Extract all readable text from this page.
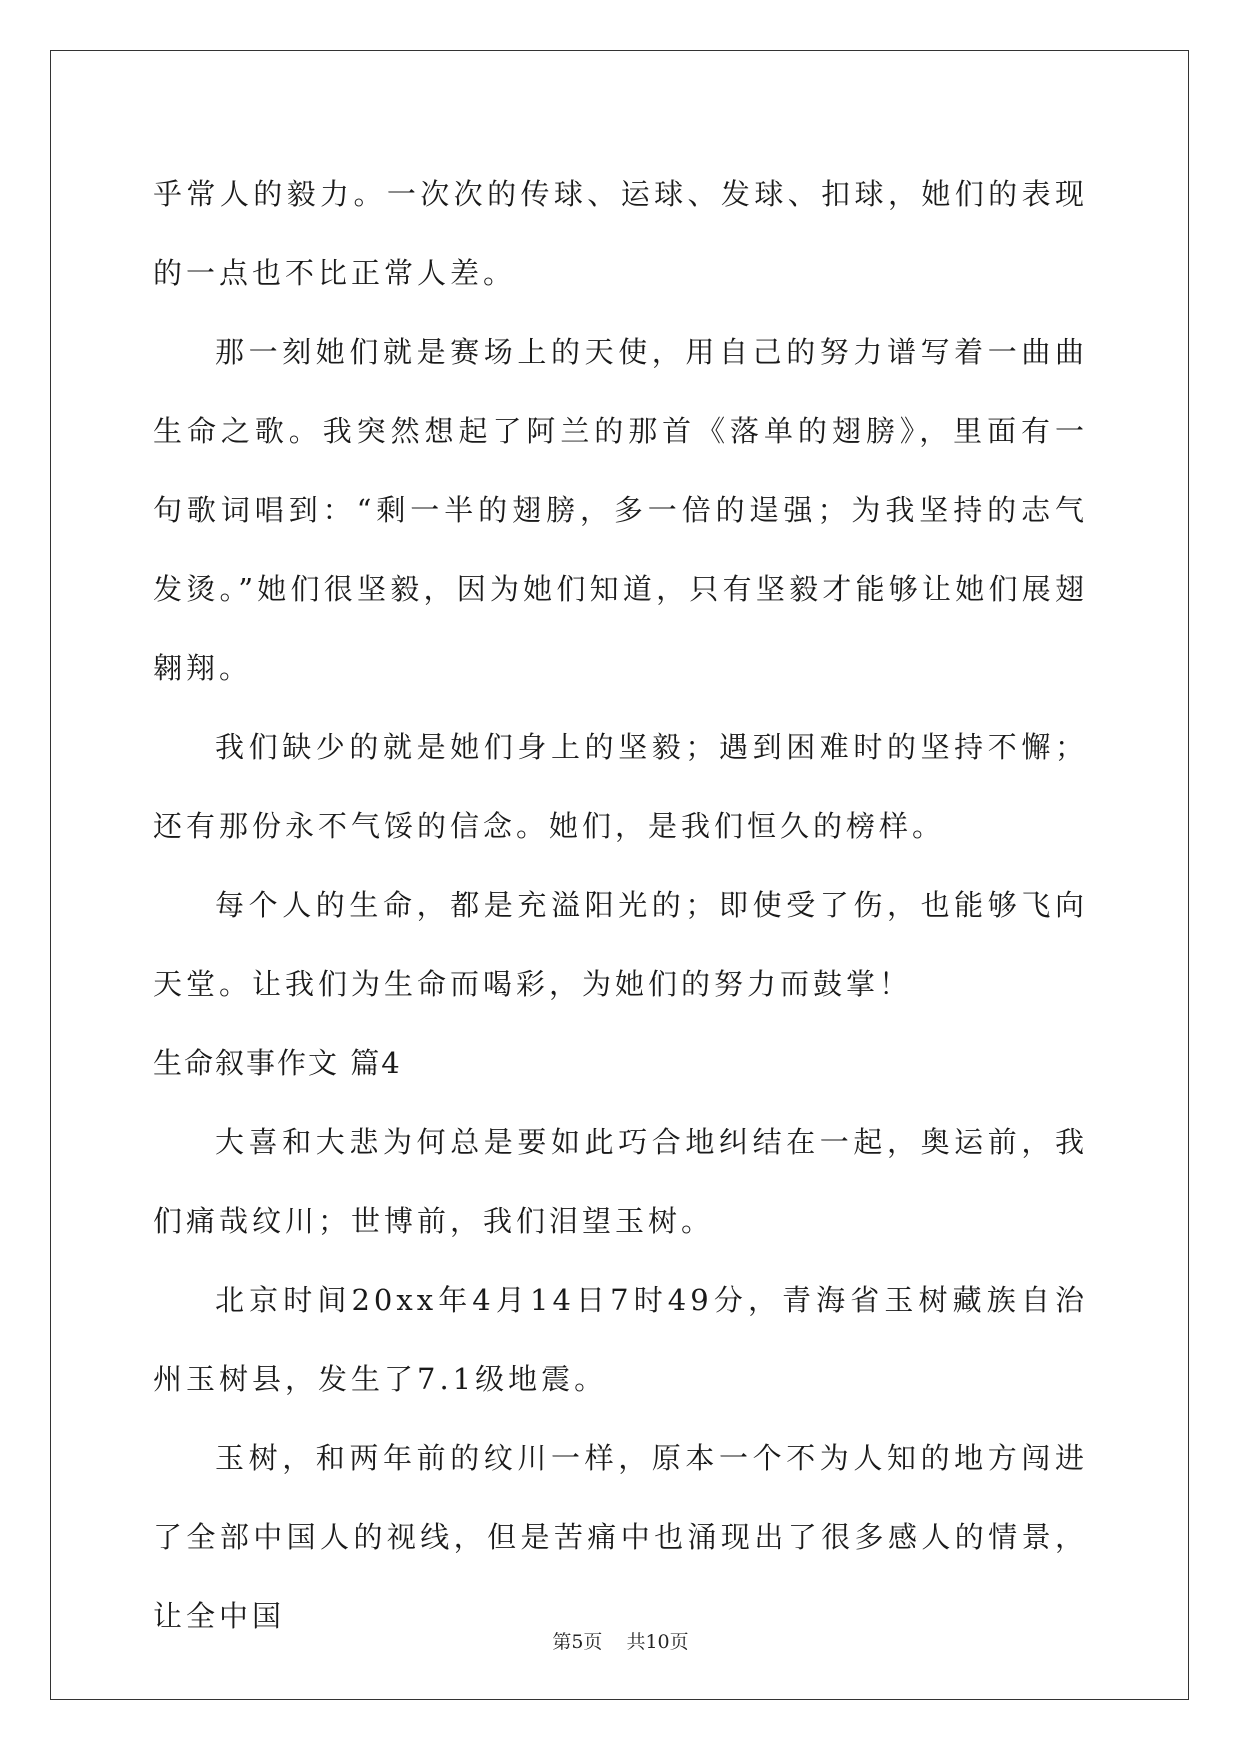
乎常人的毅力。一次次的传球、运球、发球、扣球，她们的表现的一点也不比正常人差。

那一刻她们就是赛场上的天使，用自己的努力谱写着一曲曲生命之歌。我突然想起了阿兰的那首《落单的翅膀》，里面有一句歌词唱到：“剩一半的翅膀，多一倍的逞强；为我坚持的志气发烫。”她们很坚毅，因为她们知道，只有坚毅才能够让她们展翅翱翔。

我们缺少的就是她们身上的坚毅；遇到困难时的坚持不懈；还有那份永不气馁的信念。她们，是我们恒久的榜样。

每个人的生命，都是充溢阳光的；即使受了伤，也能够飞向天堂。让我们为生命而喝彩，为她们的努力而鼓掌！

生命叙事作文 篇4

大喜和大悲为何总是要如此巧合地纠结在一起，奥运前，我们痛哉纹川；世博前，我们泪望玉树。

北京时间20xx年4月14日7时49分，青海省玉树藏族自治州玉树县，发生了7.1级地震。

玉树，和两年前的纹川一样，原本一个不为人知的地方闯进了全部中国人的视线，但是苦痛中也涌现出了很多感人的情景，让全中国

第5页 共10页
